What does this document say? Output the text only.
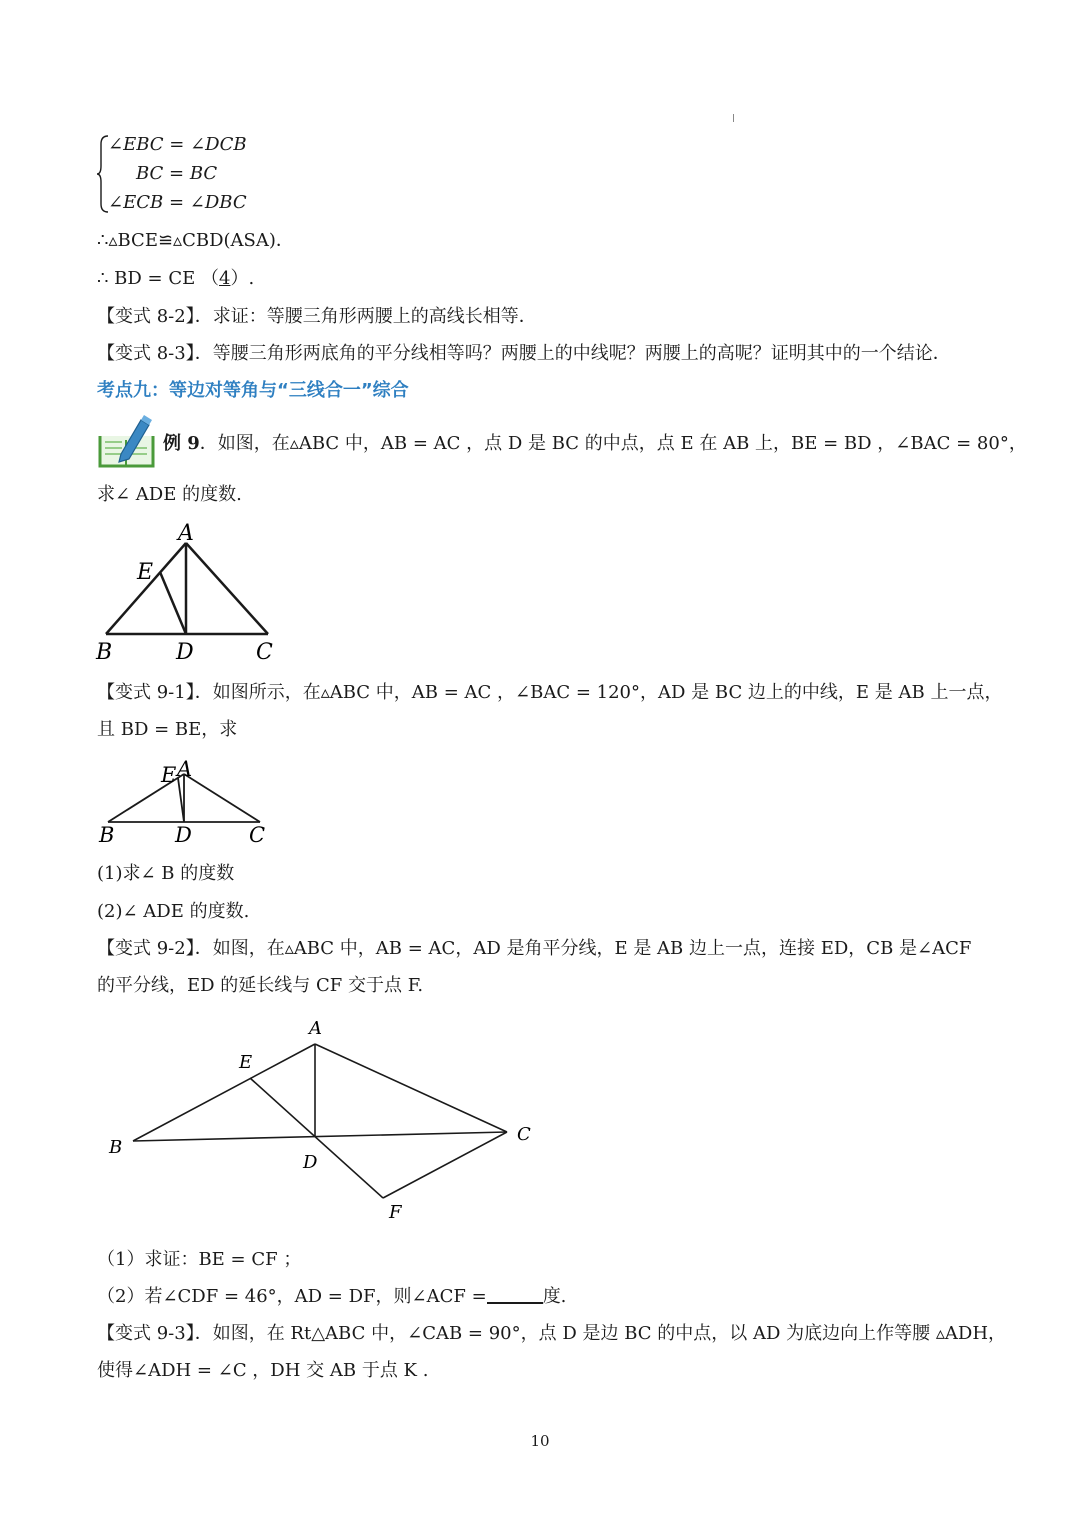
∠EBC = ∠DCB
BC = BC
∠ECB = ∠DBC
∴▵BCE≌▵CBD(ASA)．
∴ BD = CE （4）.
【变式 8-2】．求证：等腰三角形两腰上的高线长相等．
【变式 8-3】．等腰三角形两底角的平分线相等吗？两腰上的中线呢？两腰上的高呢？证明其中的一个结论．
考点九：等边对等角与“三线合一”综合
例 9．如图，在▵ABC 中，AB = AC ，点 D 是 BC 的中点，点 E 在 AB 上，BE = BD ，∠BAC = 80°，
求∠ ADE 的度数.
A
E
B	D	C
【变式 9-1】．如图所示，在▵ABC 中，AB = AC ，∠BAC = 120°，AD 是 BC 边上的中线，E 是 AB 上一点，
且 BD = BE，求
E A
B	D	C
(1)求∠ B 的度数
(2)∠ ADE 的度数.
【变式 9-2】．如图，在▵ABC 中，AB = AC，AD 是角平分线，E 是 AB 边上一点，连接 ED，CB 是∠ACF
的平分线，ED 的延长线与 CF 交于点 F.
A
E
B
D
C
F
（1）求证：BE = CF ；
（2）若∠CDF = 46°，AD = DF，则∠ACF =	度.
【变式 9-3】．如图，在 Rt△ABC 中，∠CAB = 90°，点 D 是边 BC 的中点，以 AD 为底边向上作等腰 ▵ADH，
使得∠ADH = ∠C ，DH 交 AB 于点 K .
10
